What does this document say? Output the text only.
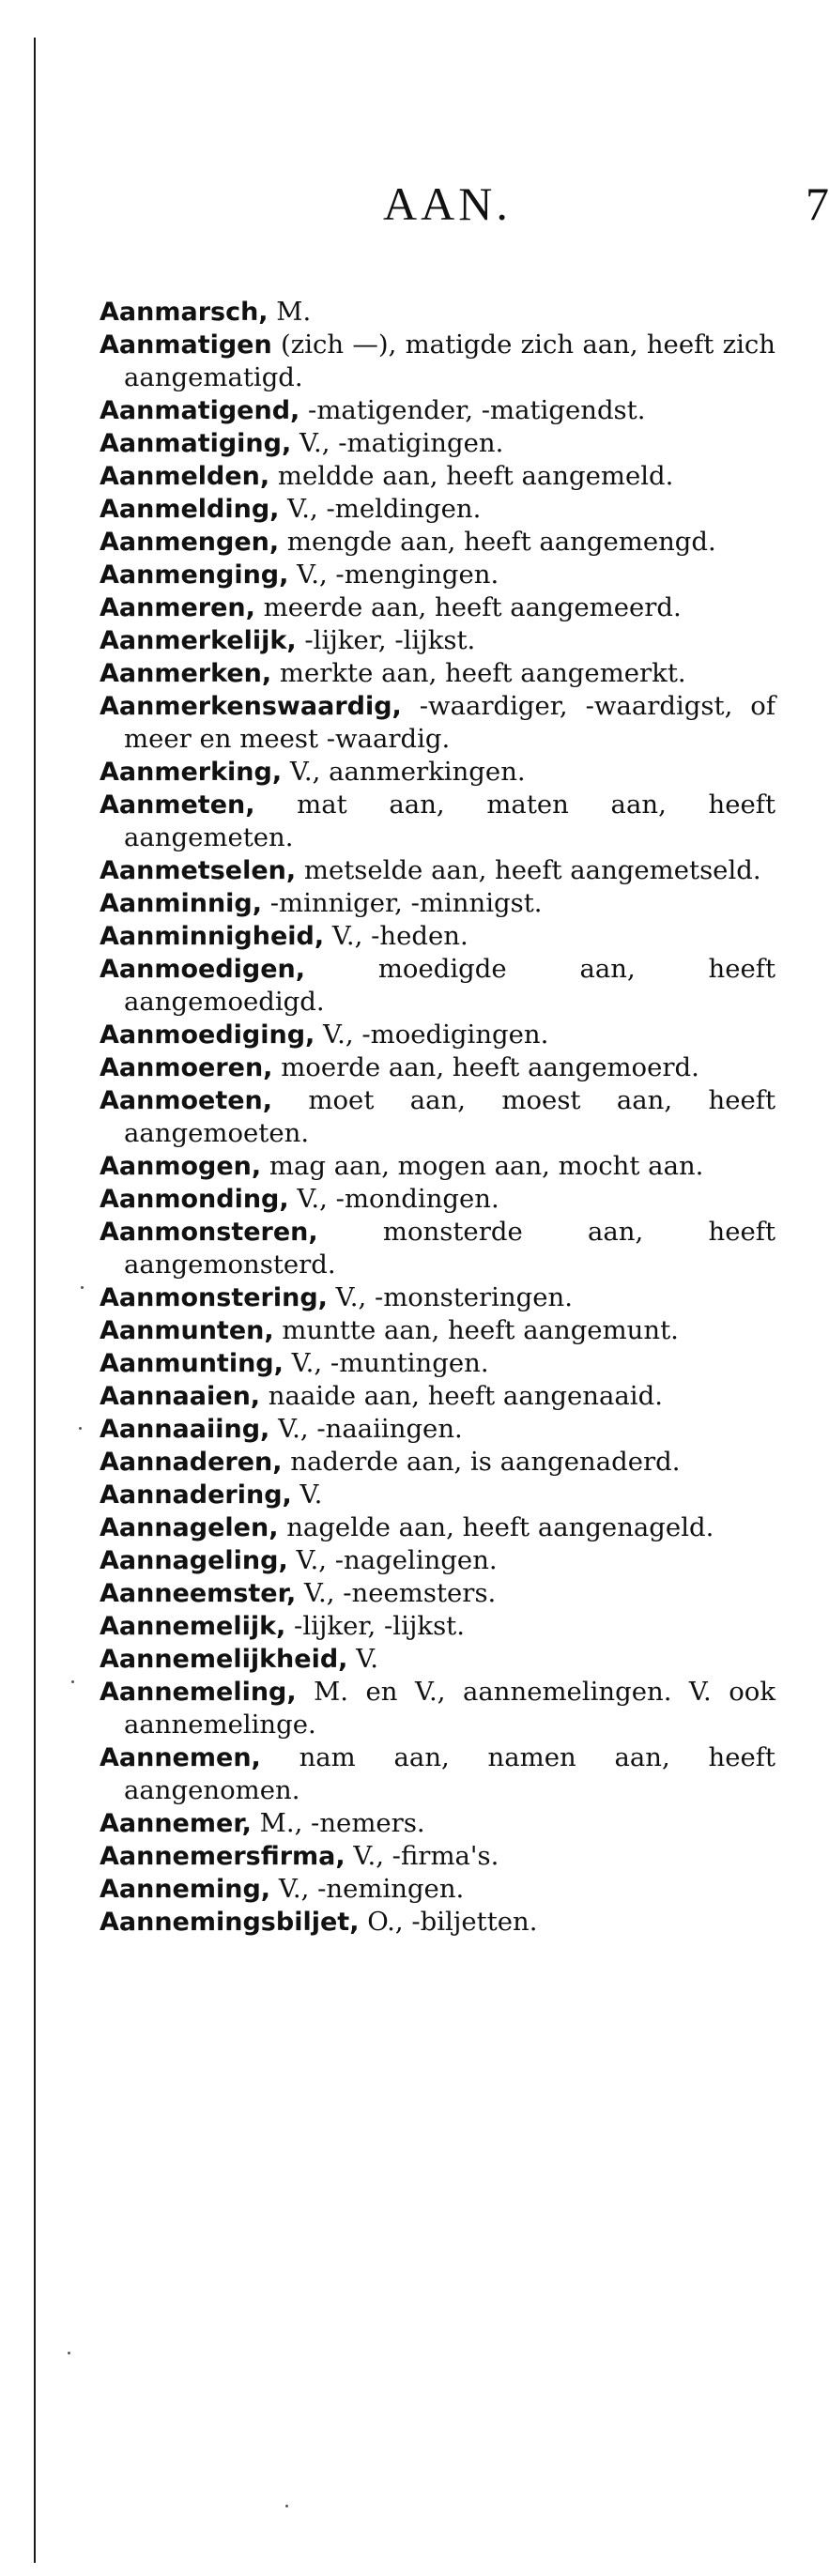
AAN.	7

Aanmarsch, M.

Aanmatigen (zich —), matigde zich aan, heeft zich aangematigd.

Aanmatigend, -matigender, -matigendst.

Aanmatiging, V., -matigingen.

Aanmelden, meldde aan, heeft aangemeld.

Aanmelding, V., -meldingen.

Aanmengen, mengde aan, heeft aangemengd.

Aanmenging, V., -mengingen.

Aanmeren, meerde aan, heeft aangemeerd.

Aanmerkelijk, -lijker, -lijkst.

Aanmerken, merkte aan, heeft aangemerkt.

Aanmerkenswaardig, -waardiger, -waardigst, of meer en meest -waardig.

Aanmerking, V., aanmerkingen.

Aanmeten, mat aan, maten aan, heeft aangemeten.

Aanmetselen, metselde aan, heeft aangemetseld.

Aanminnig, -minniger, -minnigst.

Aanminnigheid, V., -heden.

Aanmoedigen, moedigde aan, heeft aangemoedigd.

Aanmoediging, V., -moedigingen.

Aanmoeren, moerde aan, heeft aangemoerd.

Aanmoeten, moet aan, moest aan, heeft aangemoeten.

Aanmogen, mag aan, mogen aan, mocht aan.

Aanmonding, V., -mondingen.

Aanmonsteren, monsterde aan, heeft aangemonsterd.

Aanmonstering, V., -monsteringen.

Aanmunten, muntte aan, heeft aangemunt.

Aanmunting, V., -muntingen.

Aannaaien, naaide aan, heeft aangenaaid.

Aannaaiing, V., -naaiingen.

Aannaderen, naderde aan, is aangenaderd.

Aannadering, V.

Aannagelen, nagelde aan, heeft aangenageld.

Aannageling, V., -nagelingen.

Aanneemster, V., -neemsters.

Aannemelijk, -lijker, -lijkst.

Aannemelijkheid, V.

Aannemeling, M. en V., aannemelingen. V. ook aannemelinge.

Aannemen, nam aan, namen aan, heeft aangenomen.

Aannemer, M., -nemers.

Aannemersfirma, V., -firma's.

Aanneming, V., -nemingen.

Aannemingsbiljet, O., -biljetten.
